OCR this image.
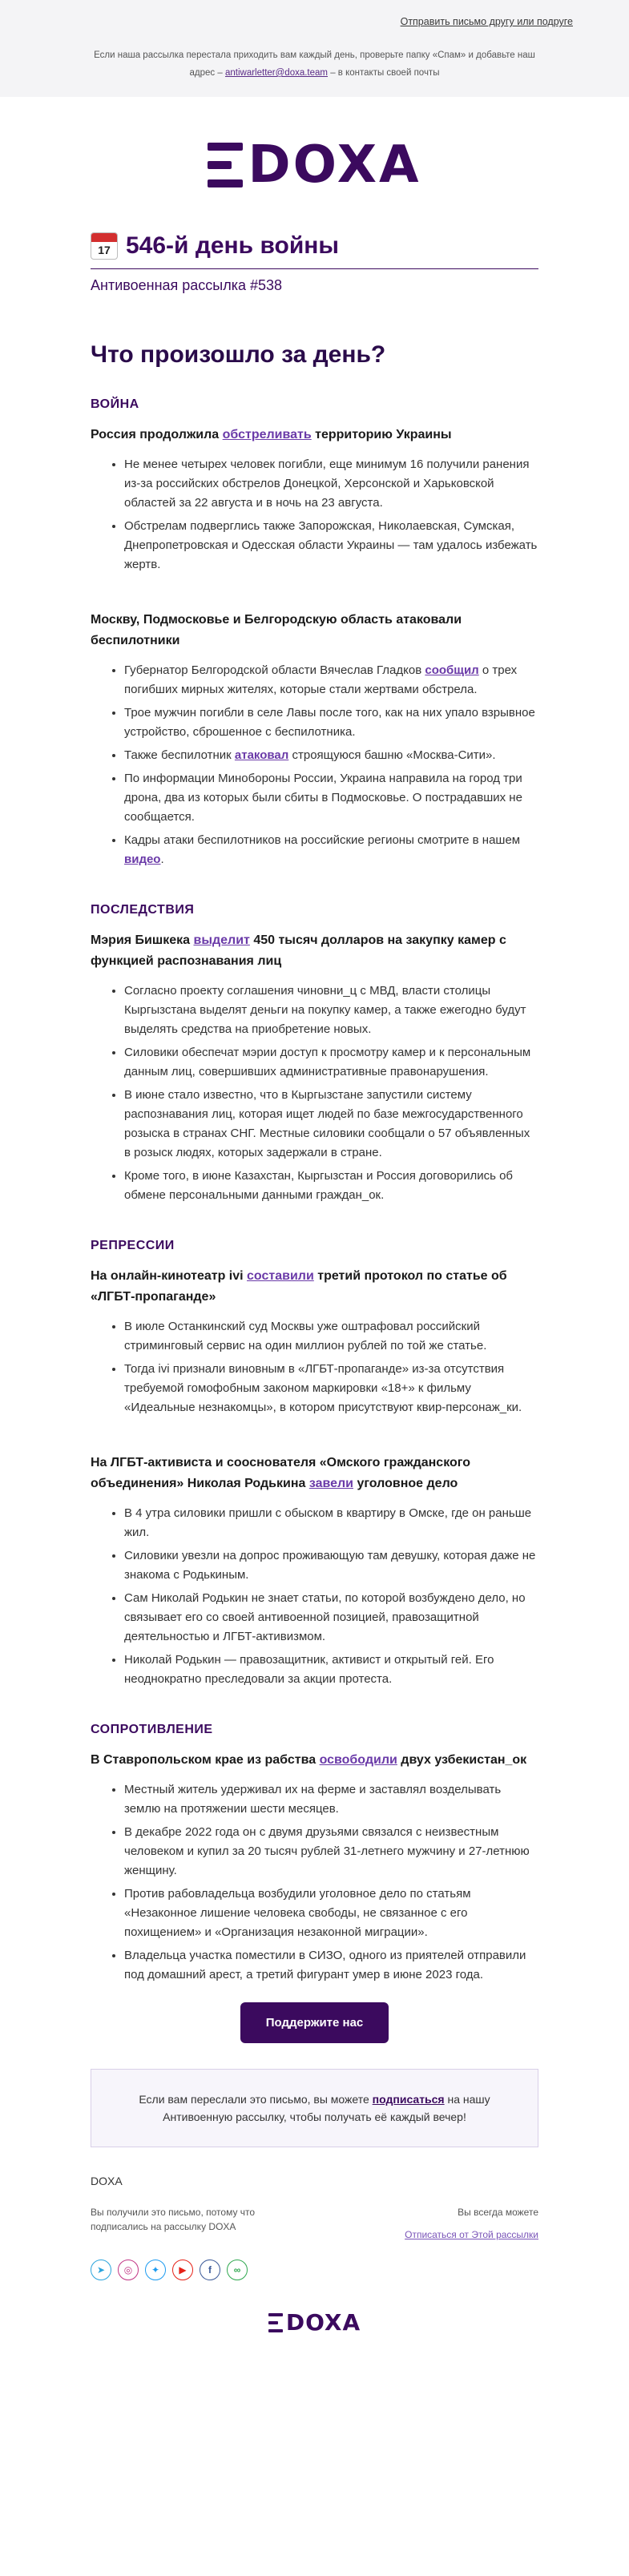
Отправить письмо другу или подруге
Если наша рассылка перестала приходить вам каждый день, проверьте папку «Спам» и добавьте наш адрес – antiwarletter@doxa.team – в контакты своей почты
DOXA
17 546-й день войны
Антивоенная рассылка #538
Что произошло за день?
ВОЙНА
Россия продолжила обстреливать территорию Украины
• Не менее четырех человек погибли, еще минимум 16 получили ранения из-за российских обстрелов Донецкой, Херсонской и Харьковской областей за 22 августа и в ночь на 23 августа.
• Обстрелам подверглись также Запорожская, Николаевская, Сумская, Днепропетровская и Одесская области Украины — там удалось избежать жертв.
Москву, Подмосковье и Белгородскую область атаковали беспилотники
• Губернатор Белгородской области Вячеслав Гладков сообщил о трех погибших мирных жителях, которые стали жертвами обстрела.
• Трое мужчин погибли в селе Лавы после того, как на них упало взрывное устройство, сброшенное с беспилотника.
• Также беспилотник атаковал строящуюся башню «Москва-Сити».
• По информации Минобороны России, Украина направила на город три дрона, два из которых были сбиты в Подмосковье. О пострадавших не сообщается.
• Кадры атаки беспилотников на российские регионы смотрите в нашем видео.
ПОСЛЕДСТВИЯ
Мэрия Бишкека выделит 450 тысяч долларов на закупку камер с функцией распознавания лиц
• Согласно проекту соглашения чиновни_ц с МВД, власти столицы Кыргызстана выделят деньги на покупку камер, а также ежегодно будут выделять средства на приобретение новых.
• Силовики обеспечат мэрии доступ к просмотру камер и к персональным данным лиц, совершивших административные правонарушения.
• В июне стало известно, что в Кыргызстане запустили систему распознавания лиц, которая ищет людей по базе межгосударственного розыска в странах СНГ. Местные силовики сообщали о 57 объявленных в розыск людях, которых задержали в стране.
• Кроме того, в июне Казахстан, Кыргызстан и Россия договорились об обмене персональными данными граждан_ок.
РЕПРЕССИИ
На онлайн-кинотеатр ivi составили третий протокол по статье об «ЛГБТ-пропаганде»
• В июле Останкинский суд Москвы уже оштрафовал российский стриминговый сервис на один миллион рублей по той же статье.
• Тогда ivi признали виновным в «ЛГБТ-пропаганде» из-за отсутствия требуемой гомофобным законом маркировки «18+» к фильму «Идеальные незнакомцы», в котором присутствуют квир-персонаж_ки.
На ЛГБТ-активиста и сооснователя «Омского гражданского объединения» Николая Родькина завели уголовное дело
• В 4 утра силовики пришли с обыском в квартиру в Омске, где он раньше жил.
• Силовики увезли на допрос проживающую там девушку, которая даже не знакома с Родькиным.
• Сам Николай Родькин не знает статьи, по которой возбуждено дело, но связывает его со своей антивоенной позицией, правозащитной деятельностью и ЛГБТ-активизмом.
• Николай Родькин — правозащитник, активист и открытый гей. Его неоднократно преследовали за акции протеста.
СОПРОТИВЛЕНИЕ
В Ставропольском крае из рабства освободили двух узбекистан_ок
• Местный житель удерживал их на ферме и заставлял возделывать землю на протяжении шести месяцев.
• В декабре 2022 года он с двумя друзьями связался с неизвестным человеком и купил за 20 тысяч рублей 31-летнего мужчину и 27-летнюю женщину.
• Против рабовладельца возбудили уголовное дело по статьям «Незаконное лишение человека свободы, не связанное с его похищением» и «Организация незаконной миграции».
• Владельца участка поместили в СИЗО, одного из приятелей отправили под домашний арест, а третий фигурант умер в июне 2023 года.
Поддержите нас
Если вам переслали это письмо, вы можете подписаться на нашу Антивоенную рассылку, чтобы получать её каждый вечер!
DOXA
Вы получили это письмо, потому что подписались на рассылку DOXA
Вы всегда можете
Отписаться от Этой рассылки
➤	◎	✦	▶	f	∞
DOXA
